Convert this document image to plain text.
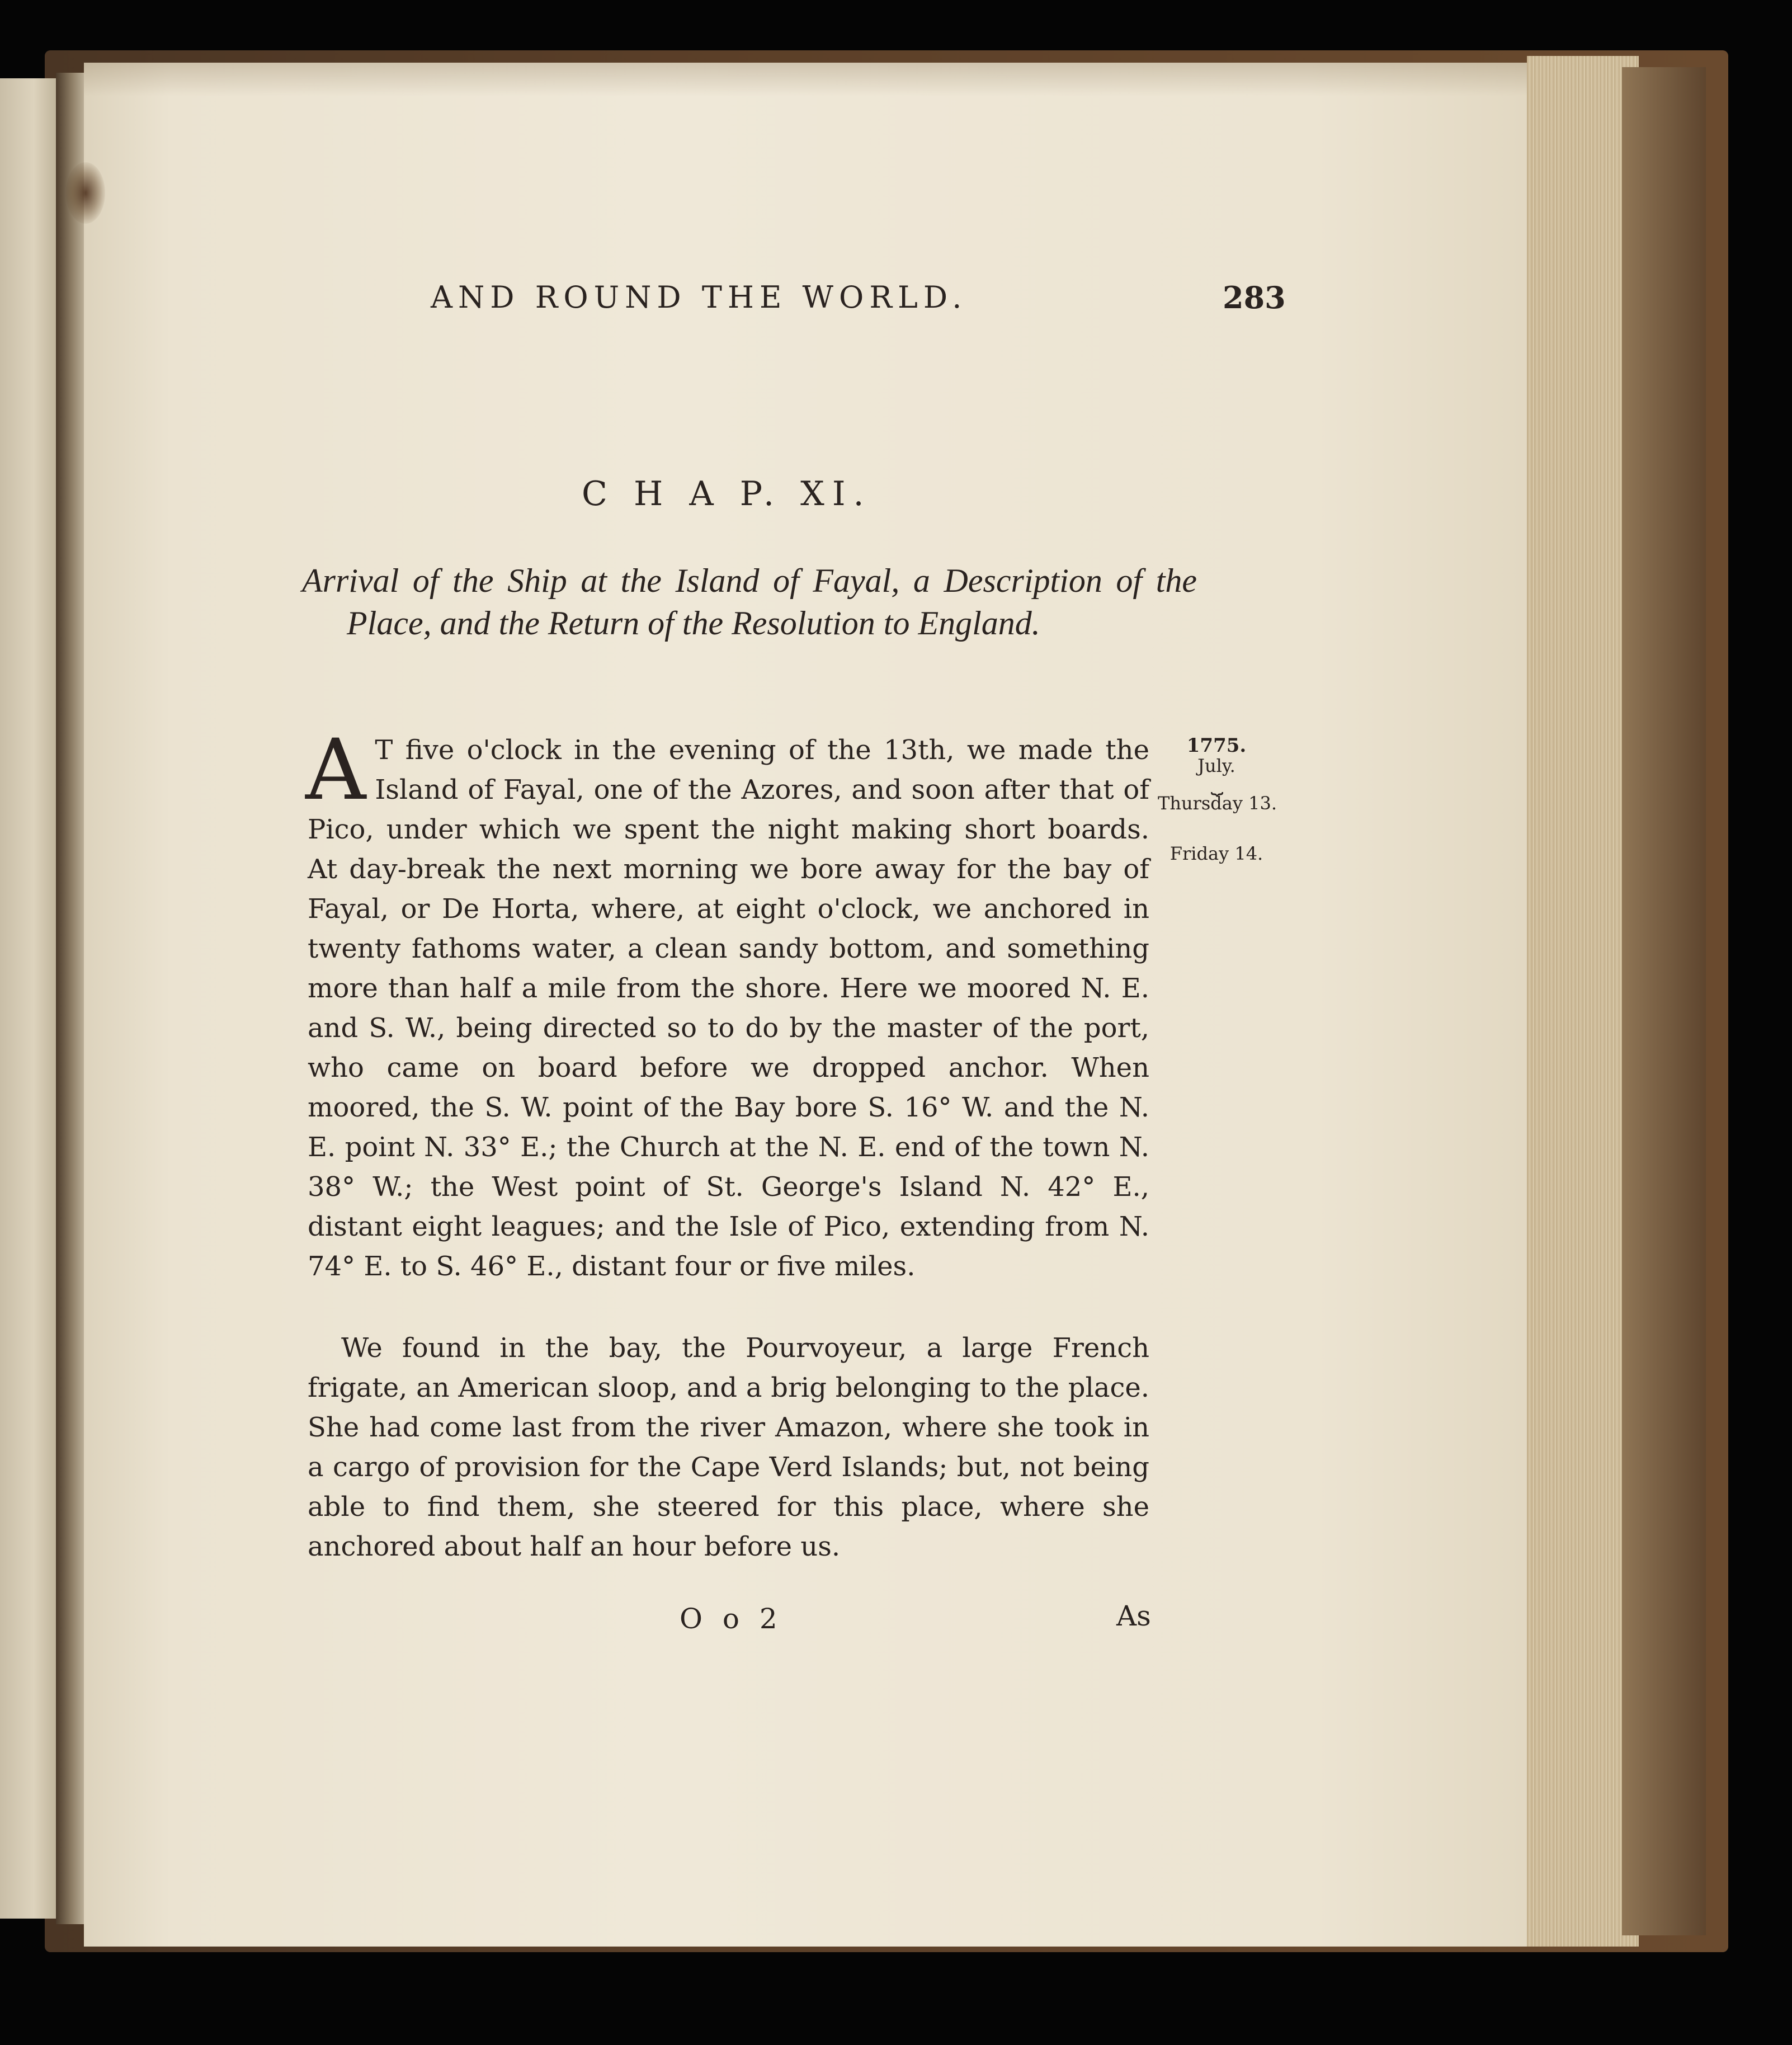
AND ROUND THE WORLD.	283
C H A P. XI.
Arrival of the Ship at the Island of Fayal, a Description of the Place, and the Return of the Resolution to England.
A T five o'clock in the evening of the 13th, we made the Island of Fayal, one of the Azores, and soon after that of Pico, under which we spent the night making short boards. At day-break the next morning we bore away for the bay of Fayal, or De Horta, where, at eight o'clock, we anchored in twenty fathoms water, a clean sandy bottom, and something more than half a mile from the shore. Here we moored N. E. and S. W., being directed so to do by the master of the port, who came on board before we dropped anchor. When moored, the S. W. point of the Bay bore S. 16° W. and the N. E. point N. 33° E.; the Church at the N. E. end of the town N. 38° W.; the West point of St. George's Island N. 42° E., distant eight leagues; and the Isle of Pico, extending from N. 74° E. to S. 46° E., distant four or five miles.
1775.
July.
⏟
Thursday 13.
Friday 14.
We found in the bay, the Pourvoyeur, a large French frigate, an American sloop, and a brig belonging to the place. She had come last from the river Amazon, where she took in a cargo of provision for the Cape Verd Islands; but, not being able to find them, she steered for this place, where she anchored about half an hour before us.
O o 2	As
